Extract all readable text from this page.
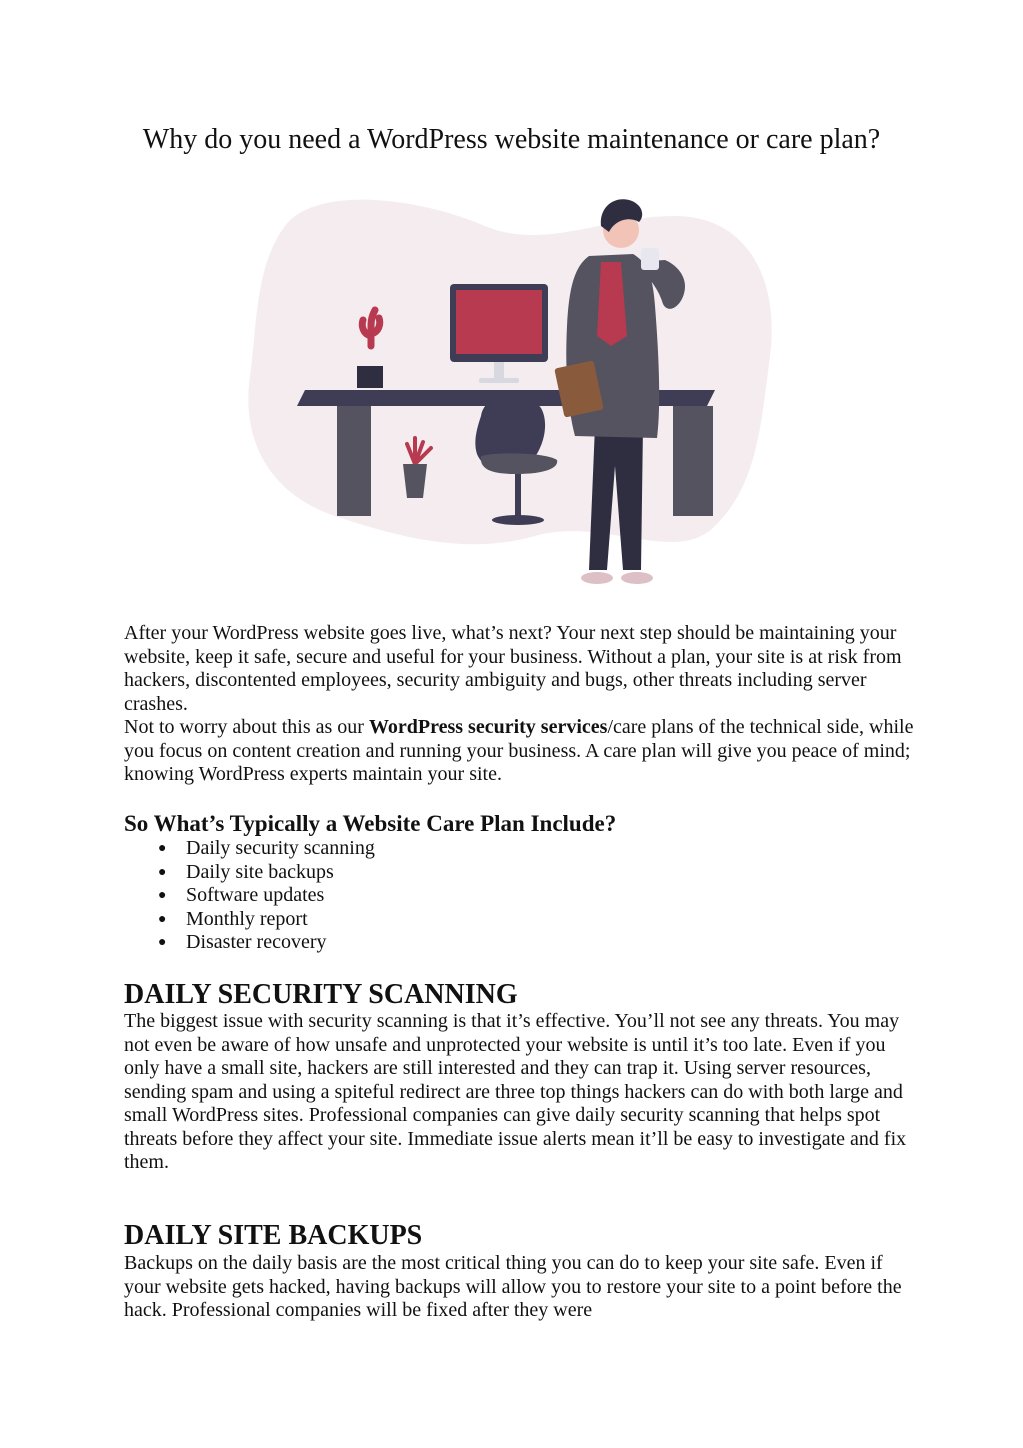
Why do you need a WordPress website maintenance or care plan?

After your WordPress website goes live, what’s next? Your next step should be maintaining your website, keep it safe, secure and useful for your business. Without a plan, your site is at risk from hackers, discontented employees, security ambiguity and bugs, other threats including server crashes.

Not to worry about this as our WordPress security services/care plans of the technical side, while you focus on content creation and running your business. A care plan will give you peace of mind; knowing WordPress experts maintain your site.

So What’s Typically a Website Care Plan Include?
● Daily security scanning
● Daily site backups
● Software updates
● Monthly report
● Disaster recovery
DAILY SECURITY SCANNING

The biggest issue with security scanning is that it’s effective. You’ll not see any threats. You may not even be aware of how unsafe and unprotected your website is until it’s too late. Even if you only have a small site, hackers are still interested and they can trap it. Using server resources, sending spam and using a spiteful redirect are three top things hackers can do with both large and small WordPress sites. Professional companies can give daily security scanning that helps spot threats before they affect your site. Immediate issue alerts mean it’ll be easy to investigate and fix them.

DAILY SITE BACKUPS

Backups on the daily basis are the most critical thing you can do to keep your site safe. Even if your website gets hacked, having backups will allow you to restore your site to a point before the hack. Professional companies will be fixed after they were
